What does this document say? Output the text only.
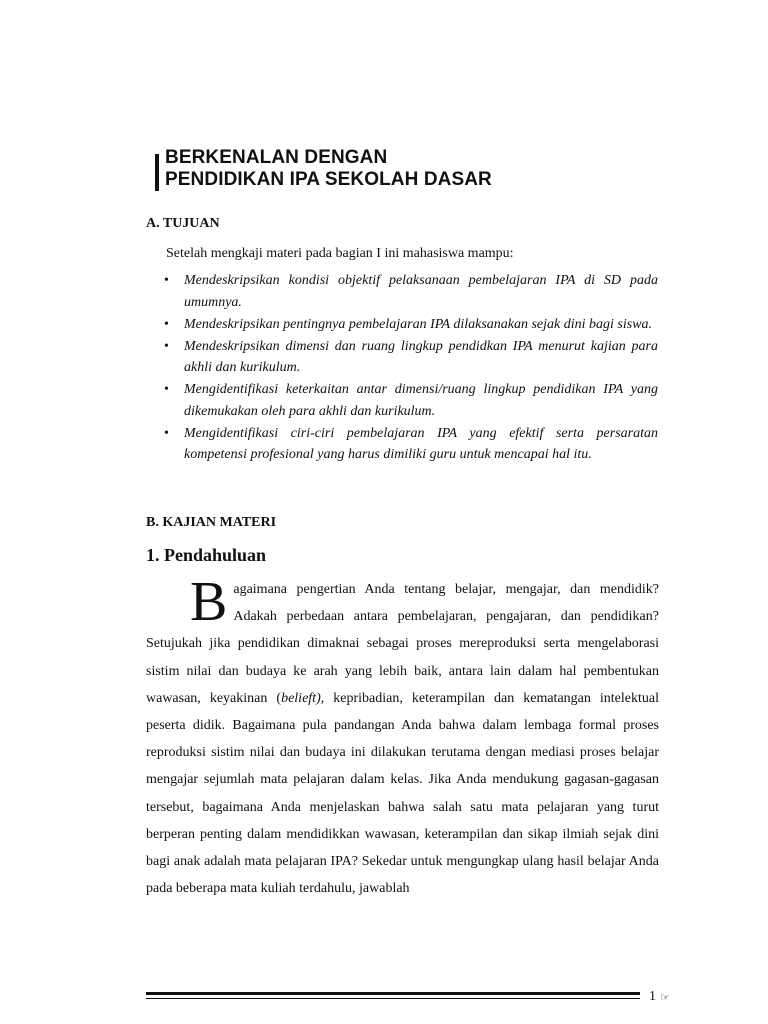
BERKENALAN DENGAN
PENDIDIKAN IPA SEKOLAH DASAR
A. TUJUAN
Setelah mengkaji materi pada bagian I ini mahasiswa mampu:
• Mendeskripsikan kondisi objektif pelaksanaan pembelajaran IPA di SD pada umumnya.
• Mendeskripsikan pentingnya pembelajaran IPA dilaksanakan sejak dini bagi siswa.
• Mendeskripsikan dimensi dan ruang lingkup pendidkan IPA menurut kajian para akhli dan kurikulum.
• Mengidentifikasi keterkaitan antar dimensi/ruang lingkup pendidikan IPA yang dikemukakan oleh para akhli dan kurikulum.
• Mengidentifikasi ciri-ciri pembelajaran IPA yang efektif serta persaratan kompetensi profesional yang harus dimiliki guru untuk mencapai hal itu.
B. KAJIAN MATERI
1. Pendahuluan
B agaimana pengertian Anda tentang belajar, mengajar, dan mendidik? Adakah perbedaan antara pembelajaran, pengajaran, dan pendidikan? Setujukah jika pendidikan dimaknai sebagai proses mereproduksi serta mengelaborasi sistim nilai dan budaya ke arah yang lebih baik, antara lain dalam hal pembentukan wawasan, keyakinan (belieft), kepribadian, keterampilan dan kematangan intelektual peserta didik. Bagaimana pula pandangan Anda bahwa dalam lembaga formal proses reproduksi sistim nilai dan budaya ini dilakukan terutama dengan mediasi proses belajar mengajar sejumlah mata pelajaran dalam kelas. Jika Anda mendukung gagasan-gagasan tersebut, bagaimana Anda menjelaskan bahwa salah satu mata pelajaran yang turut berperan penting dalam mendidikkan wawasan, keterampilan dan sikap ilmiah sejak dini bagi anak adalah mata pelajaran IPA? Sekedar untuk mengungkap ulang hasil belajar Anda pada beberapa mata kuliah terdahulu, jawablah

1 ☞
